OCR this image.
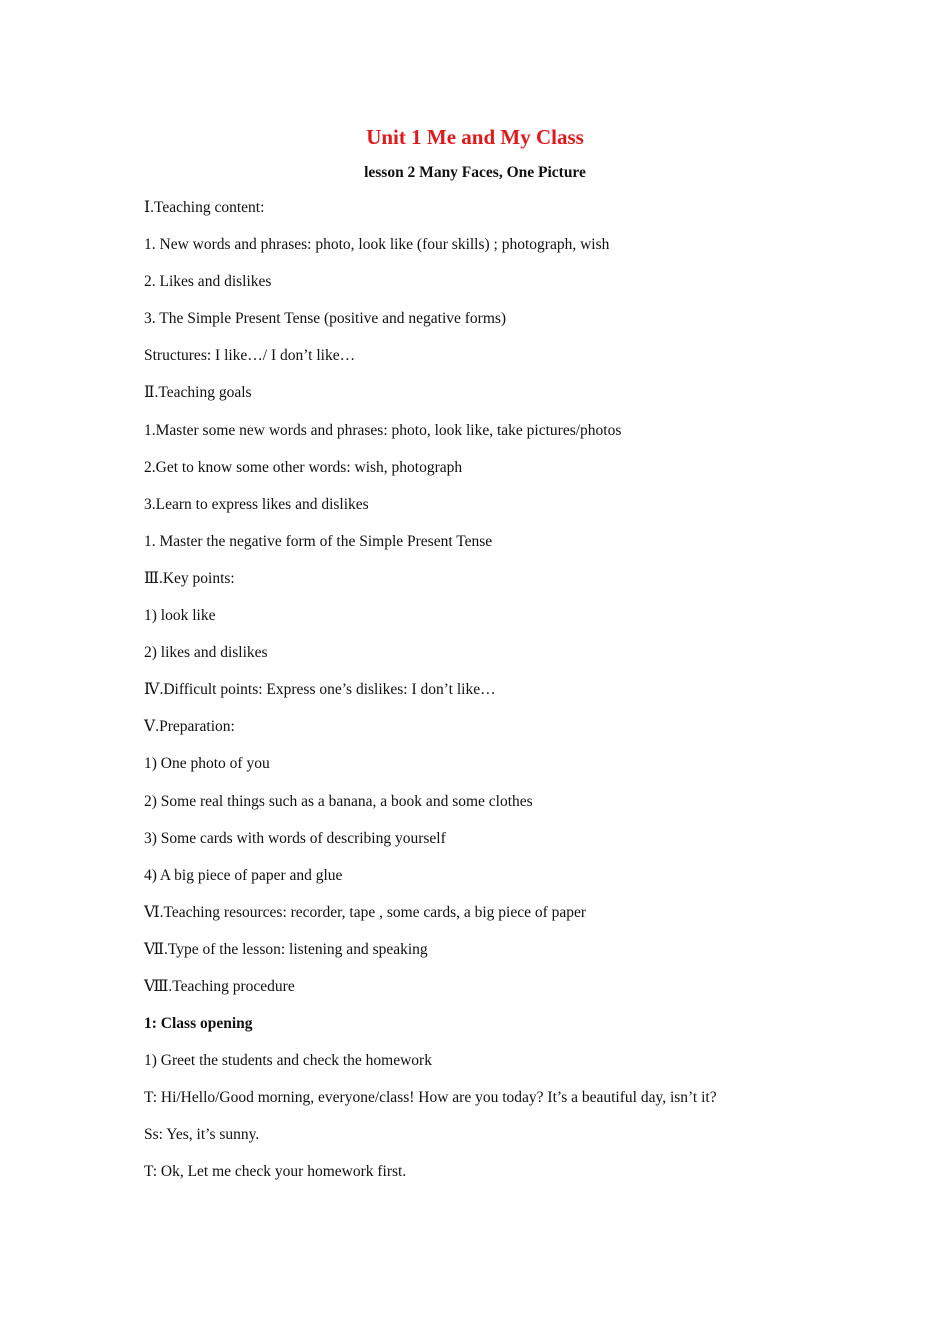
Unit 1 Me and My Class
lesson 2 Many Faces, One Picture
Ⅰ.Teaching content:
1. New words and phrases: photo, look like (four skills) ; photograph, wish
2. Likes and dislikes
3. The Simple Present Tense (positive and negative forms)
Structures: I like…/ I don’t like…
Ⅱ.Teaching goals
1.Master some new words and phrases: photo, look like, take pictures/photos
2.Get to know some other words: wish, photograph
3.Learn to express likes and dislikes
1. Master the negative form of the Simple Present Tense
Ⅲ.Key points:
1) look like
2) likes and dislikes
Ⅳ.Difficult points: Express one’s dislikes: I don’t like…
Ⅴ.Preparation:
1) One photo of you
2) Some real things such as a banana, a book and some clothes
3) Some cards with words of describing yourself
4) A big piece of paper and glue
Ⅵ.Teaching resources: recorder, tape , some cards, a big piece of paper
Ⅶ.Type of the lesson: listening and speaking
Ⅷ.Teaching procedure
1: Class opening
1) Greet the students and check the homework
T: Hi/Hello/Good morning, everyone/class! How are you today? It’s a beautiful day, isn’t it?
Ss: Yes, it’s sunny.
T: Ok, Let me check your homework first.
